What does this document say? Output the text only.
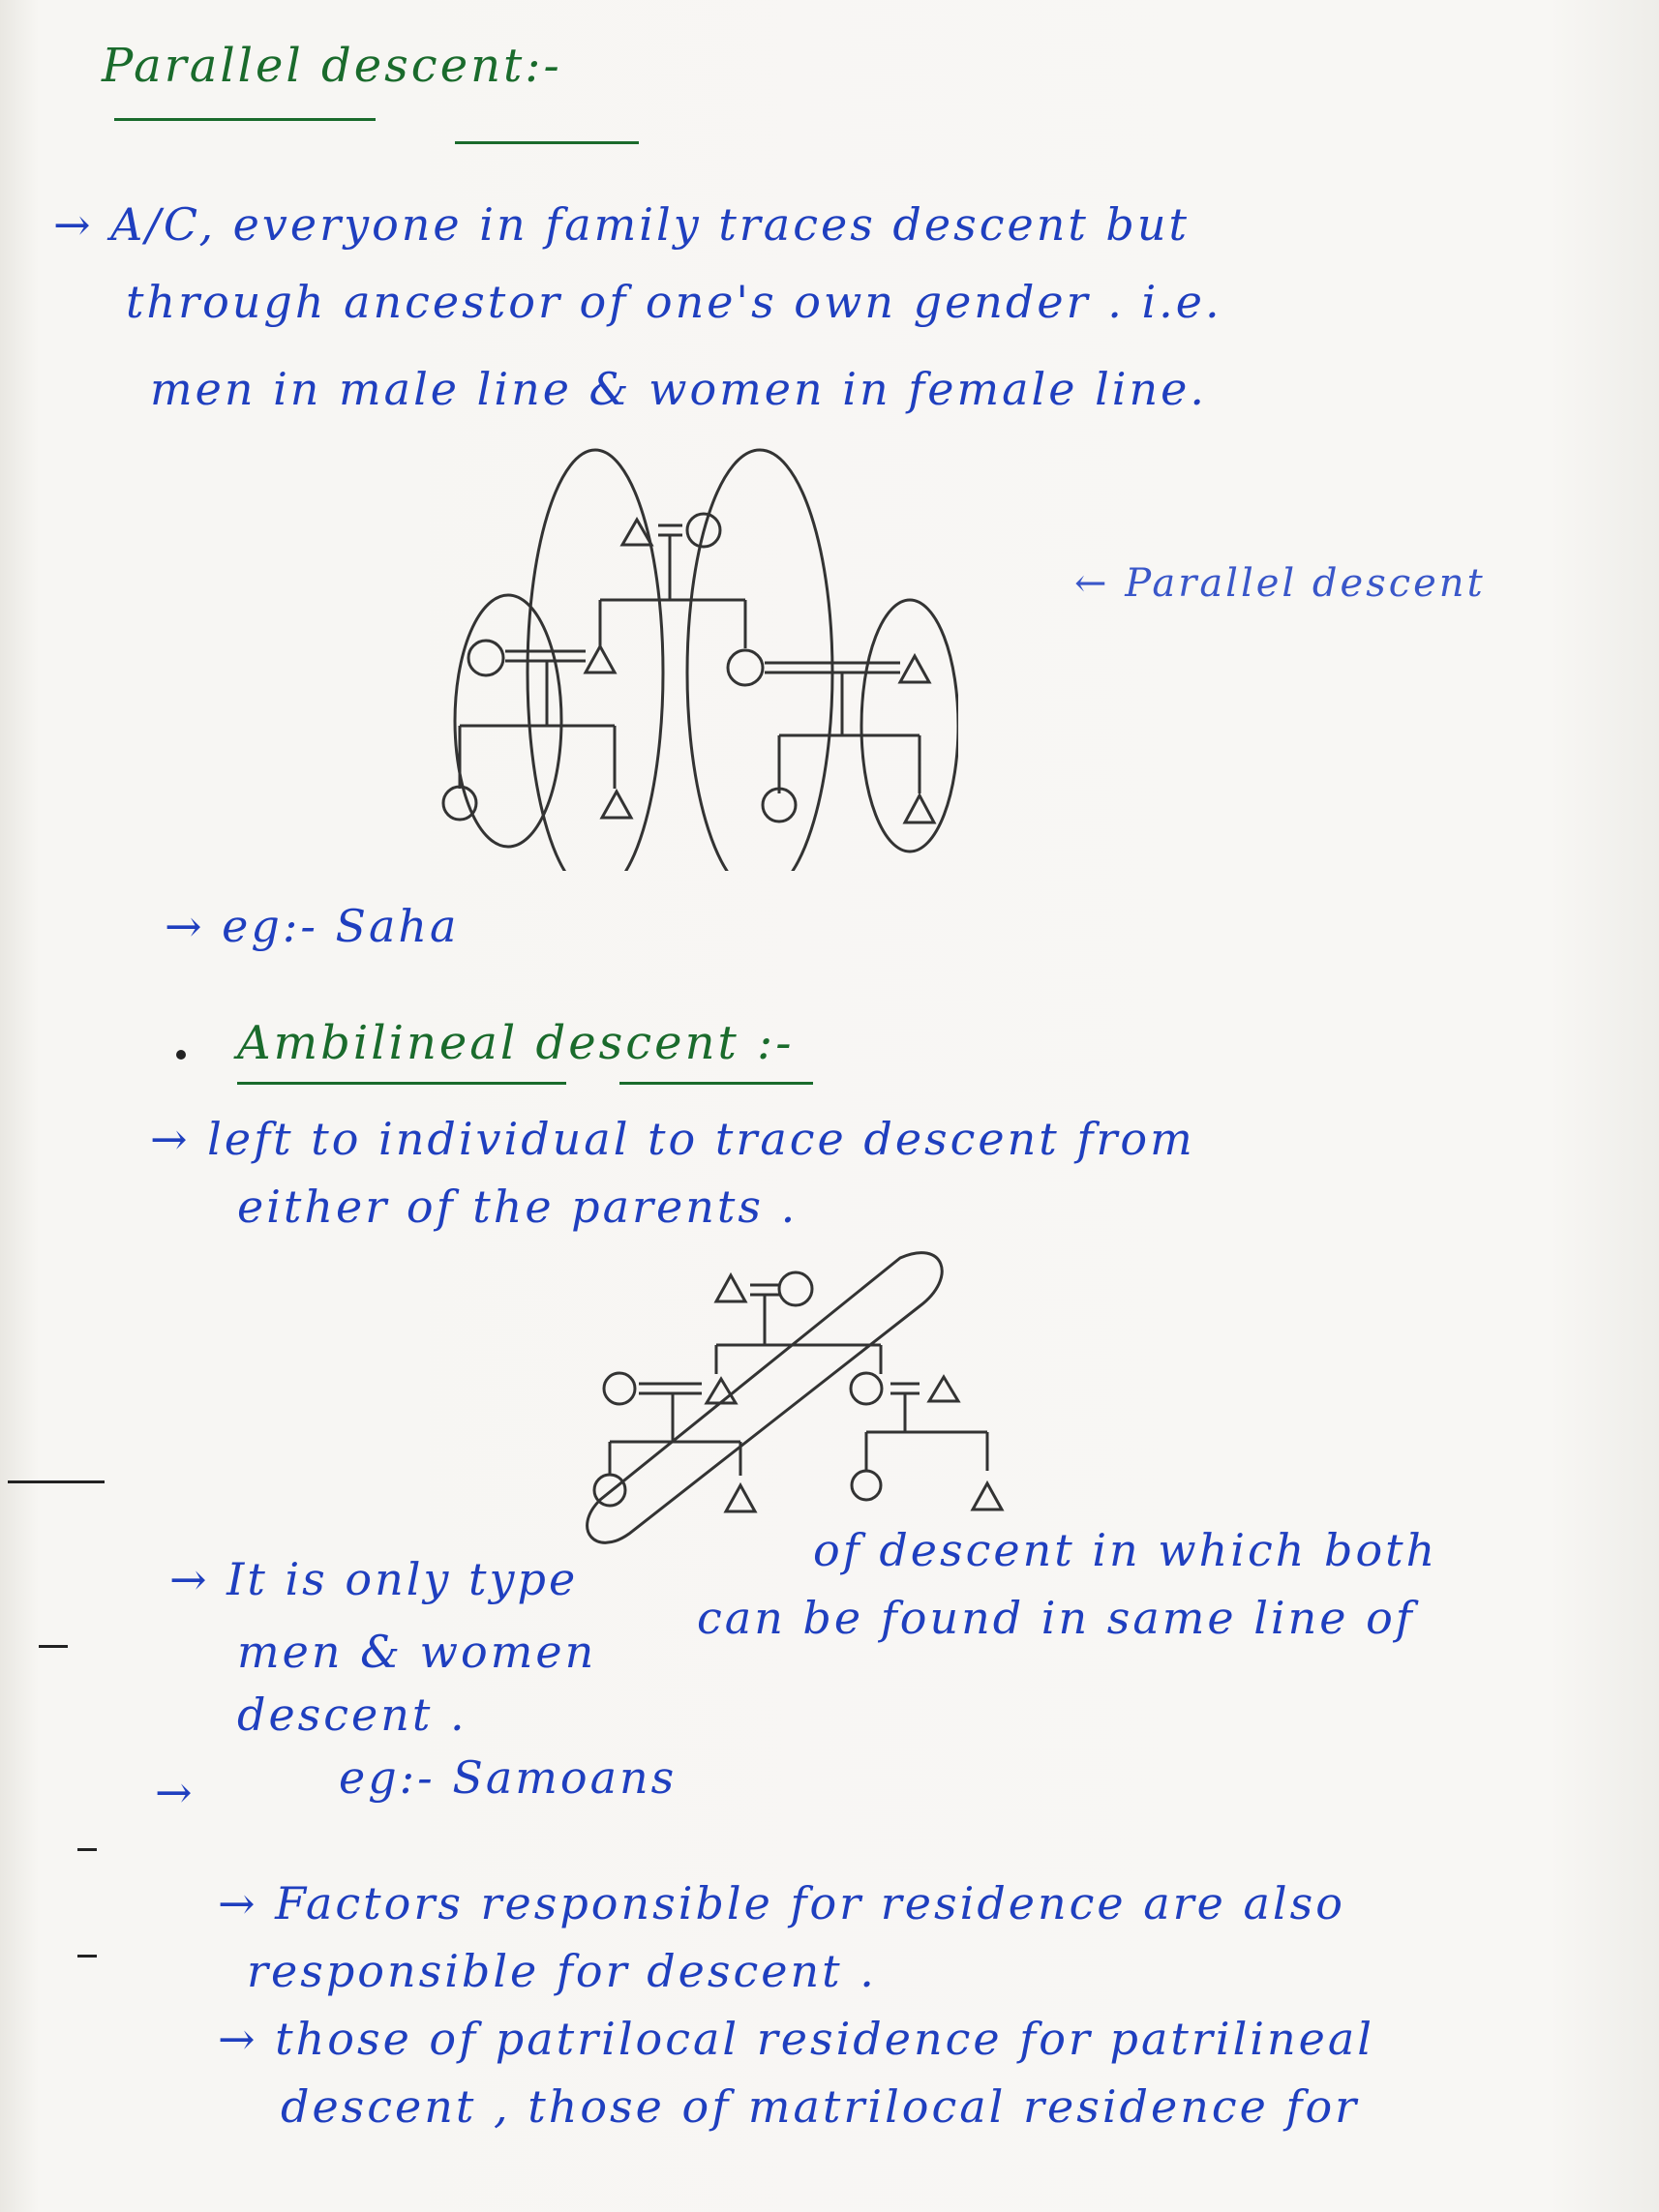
Parallel descent:-
→ A/C, everyone in family traces descent but
through ancestor of one's own gender . i.e.
men in male line & women in female line.
← Parallel descent
→ eg:- Saha
Ambilineal descent :-
→ left to individual to trace descent from
either of the parents .
→ It is only type
of descent in which both
men & women
can be found in same line of
descent .
→	eg:- Samoans
→ Factors responsible for residence are also
responsible for descent .
→ those of patrilocal residence for patrilineal
descent , those of matrilocal residence for
